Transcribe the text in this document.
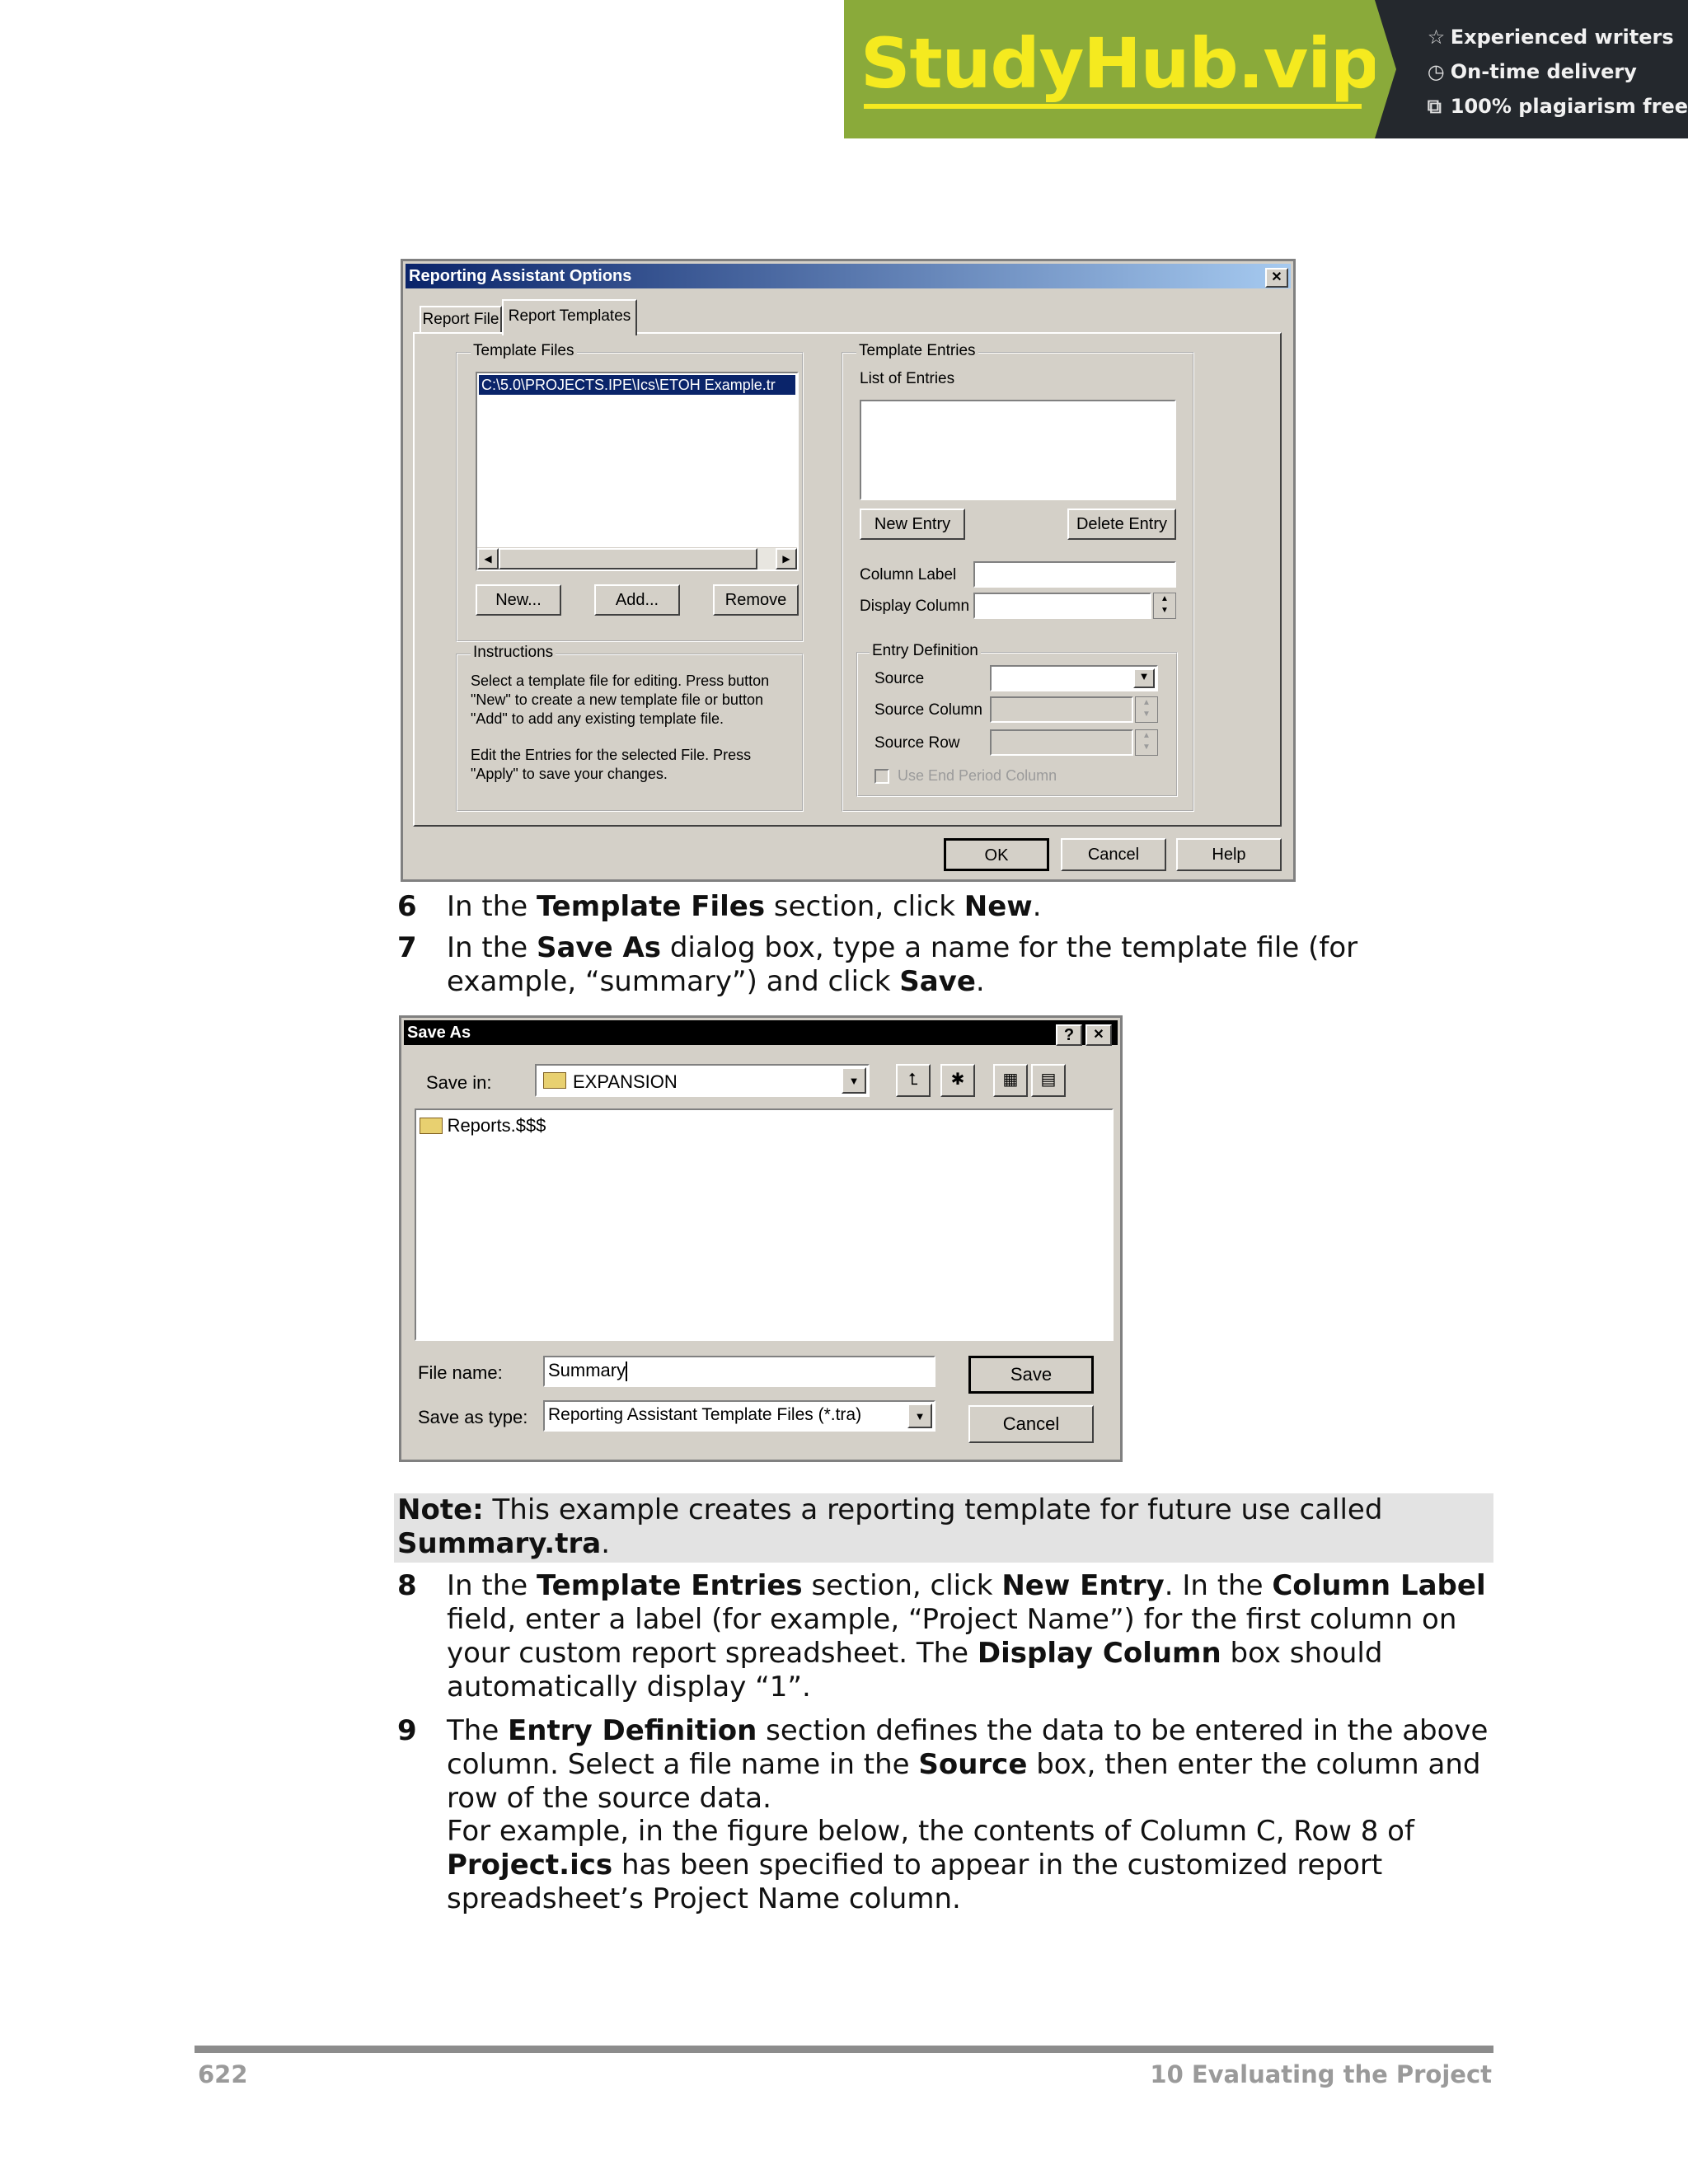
StudyHub.vip ☆ Experienced writers
◷ On-time delivery
⧉ 100% plagiarism free
Reporting Assistant Options	✕
Report File Report Templates
Template Files
C:\5.0\PROJECTS.IPE\Ics\ETOH Example.tr
◀	▶
New...	Add...	Remove
Instructions
Select a template file for editing. Press button "New" to create a new template file or button "Add" to add any existing template file.
Edit the Entries for the selected File. Press "Apply" to save your changes.
Template Entries
List of Entries
New Entry	Delete Entry
Column Label
Display Column	▲
▼
Entry Definition
Source	▼
Source Column	▲
▼
Source Row	▲
▼
Use End Period Column
OK	Cancel	Help
6 In the Template Files section, click New.
7 In the Save As dialog box, type a name for the template file (for
example, “summary”) and click Save.
Save As	?	✕
Save in:	EXPANSION	▼	⮤	✱	▦	▤
Reports.$$$
File name:	Summary
Save as type: Reporting Assistant Template Files (*.tra)	▼
Save
Cancel
Note: This example creates a reporting template for future use called
Summary.tra.
8 In the Template Entries section, click New Entry. In the Column Label
field, enter a label (for example, “Project Name”) for the first column on
your custom report spreadsheet. The Display Column box should
automatically display “1”.
9 The Entry Definition section defines the data to be entered in the above
column. Select a file name in the Source box, then enter the column and
row of the source data.
For example, in the figure below, the contents of Column C, Row 8 of
Project.ics has been specified to appear in the customized report
spreadsheet’s Project Name column.
622	10 Evaluating the Project
